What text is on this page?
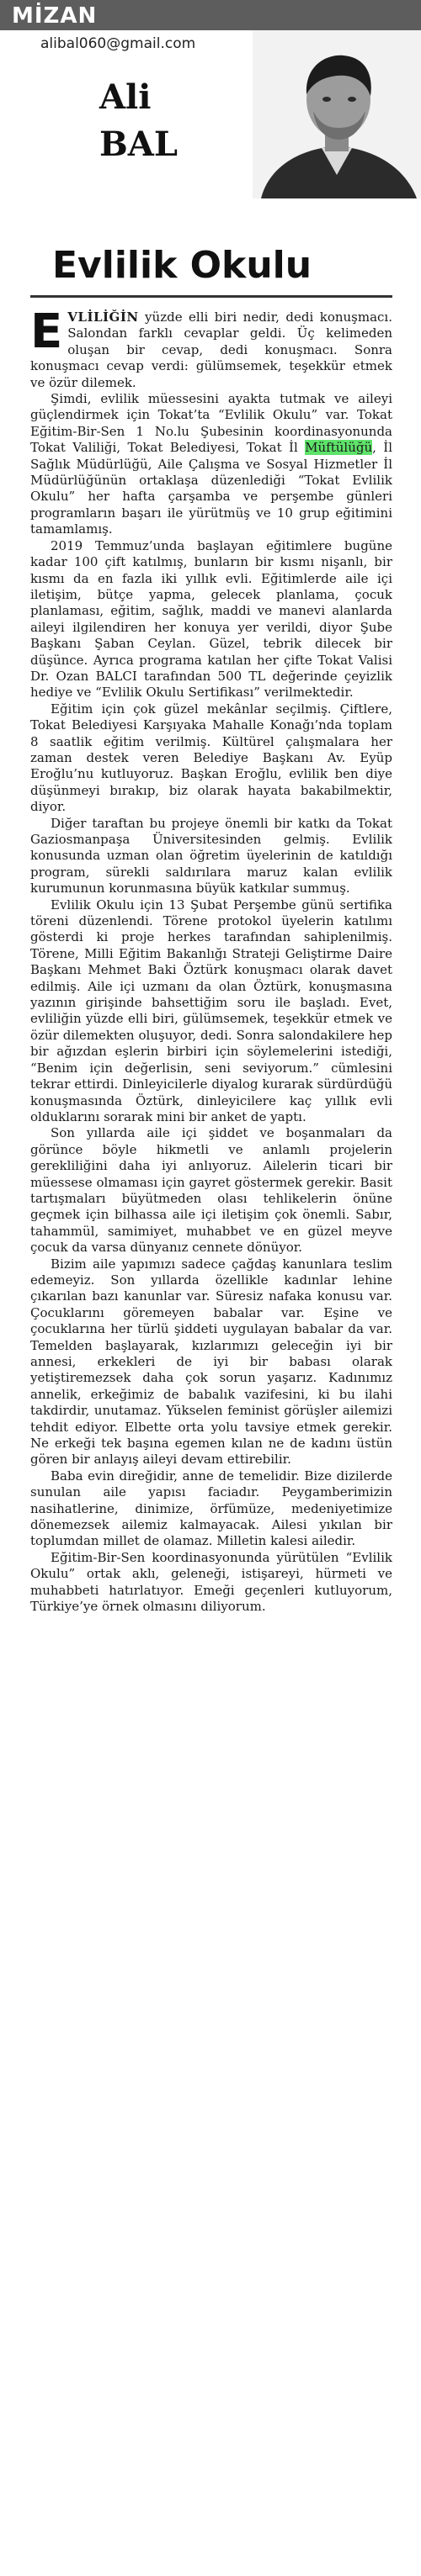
MİZAN
alibal060@gmail.com
Ali
BAL
Evlilik Okulu

EVLİLİĞİN yüzde elli biri nedir, dedi konuşmacı. Salondan farklı cevaplar geldi. Üç kelimeden oluşan bir cevap, dedi konuşmacı. Sonra konuşmacı cevap verdi: gülümsemek, teşekkür etmek ve özür dilemek.

Şimdi, evlilik müessesini ayakta tutmak ve aileyi güçlendirmek için Tokat’ta “Evlilik Okulu” var. Tokat Eğitim-Bir-Sen 1 No.lu Şubesinin koordinasyonunda Tokat Valiliği, Tokat Belediyesi, Tokat İl Müftülüğü, İl Sağlık Müdürlüğü, Aile Çalışma ve Sosyal Hizmetler İl Müdürlüğünün ortaklaşa düzenlediği “Tokat Evlilik Okulu” her hafta çarşamba ve perşembe günleri programların başarı ile yürütmüş ve 10 grup eğitimini tamamlamış.

2019 Temmuz’unda başlayan eğitimlere bugüne kadar 100 çift katılmış, bunların bir kısmı nişanlı, bir kısmı da en fazla iki yıllık evli. Eğitimlerde aile içi iletişim, bütçe yapma, gelecek planlama, çocuk planlaması, eğitim, sağlık, maddi ve manevi alanlarda aileyi ilgilendiren her konuya yer verildi, diyor Şube Başkanı Şaban Ceylan. Güzel, tebrik dilecek bir düşünce. Ayrıca programa katılan her çifte Tokat Valisi Dr. Ozan BALCI tarafından 500 TL değerinde çeyizlik hediye ve “Evlilik Okulu Sertifikası” verilmektedir.

Eğitim için çok güzel mekânlar seçilmiş. Çiftlere, Tokat Belediyesi Karşıyaka Mahalle Konağı’nda toplam 8 saatlik eğitim verilmiş. Kültürel çalışmalara her zaman destek veren Belediye Başkanı Av. Eyüp Eroğlu’nu kutluyoruz. Başkan Eroğlu, evlilik ben diye düşünmeyi bırakıp, biz olarak hayata bakabilmektir, diyor.

Diğer taraftan bu projeye önemli bir katkı da Tokat Gaziosmanpaşa Üniversitesinden gelmiş. Evlilik konusunda uzman olan öğretim üyelerinin de katıldığı program, sürekli saldırılara maruz kalan evlilik kurumunun korunmasına büyük katkılar summuş.

Evlilik Okulu için 13 Şubat Perşembe günü sertifika töreni düzenlendi. Törene protokol üyelerin katılımı gösterdi ki proje herkes tarafından sahiplenilmiş. Törene, Milli Eğitim Bakanlığı Strateji Geliştirme Daire Başkanı Mehmet Baki Öztürk konuşmacı olarak davet edilmiş. Aile içi uzmanı da olan Öztürk, konuşmasına yazının girişinde bahsettiğim soru ile başladı. Evet, evliliğin yüzde elli biri, gülümsemek, teşekkür etmek ve özür dilemekten oluşuyor, dedi. Sonra salondakilere hep bir ağızdan eşlerin birbiri için söylemelerini istediği, “Benim için değerlisin, seni seviyorum.” cümlesini tekrar ettirdi. Dinleyicilerle diyalog kurarak sürdürdüğü konuşmasında Öztürk, dinleyicilere kaç yıllık evli olduklarını sorarak mini bir anket de yaptı.

Son yıllarda aile içi şiddet ve boşanmaları da görünce böyle hikmetli ve anlamlı projelerin gerekliliğini daha iyi anlıyoruz. Ailelerin ticari bir müessese olmaması için gayret göstermek gerekir. Basit tartışmaları büyütmeden olası tehlikelerin önüne geçmek için bilhassa aile içi iletişim çok önemli. Sabır, tahammül, samimiyet, muhabbet ve en güzel meyve çocuk da varsa dünyanız cennete dönüyor.

Bizim aile yapımızı sadece çağdaş kanunlara teslim edemeyiz. Son yıllarda özellikle kadınlar lehine çıkarılan bazı kanunlar var. Süresiz nafaka konusu var. Çocuklarını göremeyen babalar var. Eşine ve çocuklarına her türlü şiddeti uygulayan babalar da var. Temelden başlayarak, kızlarımızı geleceğin iyi bir annesi, erkekleri de iyi bir babası olarak yetiştiremezsek daha çok sorun yaşarız. Kadınımız annelik, erkeğimiz de babalık vazifesini, ki bu ilahi takdirdir, unutamaz. Yükselen feminist görüşler ailemizi tehdit ediyor. Elbette orta yolu tavsiye etmek gerekir. Ne erkeği tek başına egemen kılan ne de kadını üstün gören bir anlayış aileyi devam ettirebilir.

Baba evin direğidir, anne de temelidir. Bize dizilerde sunulan aile yapısı faciadır. Peygamberimizin nasihatlerine, dinimize, örfümüze, medeniyetimize dönemezsek ailemiz kalmayacak. Ailesi yıkılan bir toplumdan millet de olamaz. Milletin kalesi ailedir.

Eğitim-Bir-Sen koordinasyonunda yürütülen “Evlilik Okulu” ortak aklı, geleneği, istişareyi, hürmeti ve muhabbeti hatırlatıyor. Emeği geçenleri kutluyorum, Türkiye’ye örnek olmasını diliyorum.
